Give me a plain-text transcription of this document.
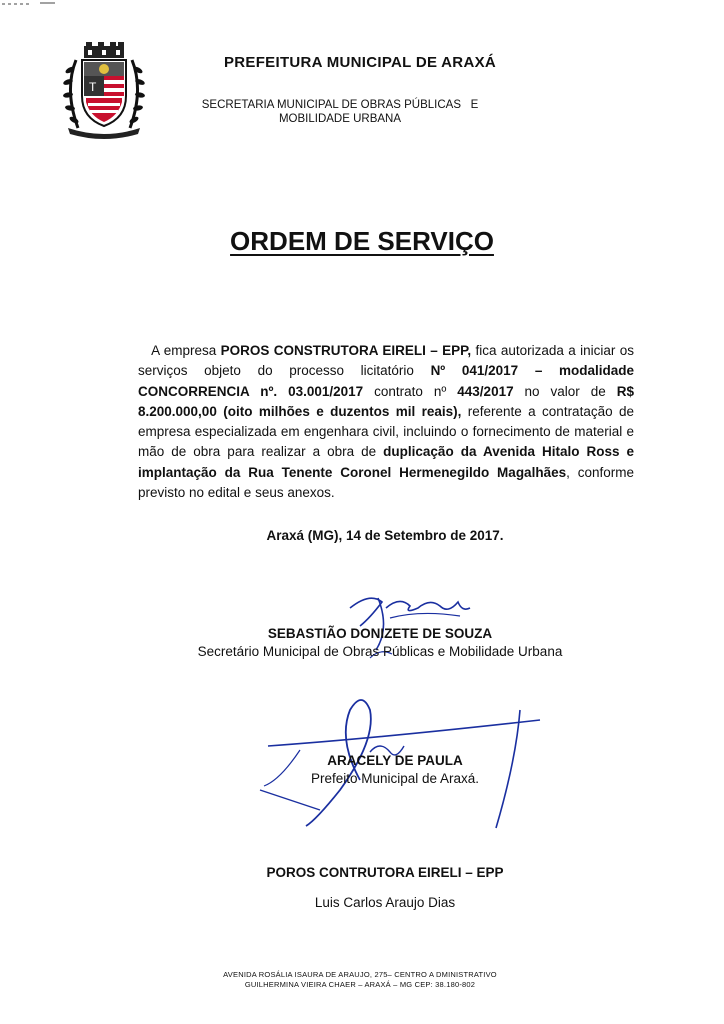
T
PREFEITURA MUNICIPAL DE ARAXÁ
SECRETARIA MUNICIPAL DE OBRAS PÚBLICAS   E
MOBILIDADE URBANA
ORDEM DE SERVIÇO
A empresa POROS CONSTRUTORA EIRELI – EPP, fica autorizada a iniciar os serviços objeto do processo licitatório Nº 041/2017 – modalidade CONCORRENCIA nº. 03.001/2017 contrato nº 443/2017 no valor de R$ 8.200.000,00 (oito milhões e duzentos mil reais), referente a contratação de empresa especializada em engenhara civil, incluindo o fornecimento de material e mão de obra para realizar a obra de duplicação da Avenida Hitalo Ross e implantação da Rua Tenente Coronel Hermenegildo Magalhães, conforme previsto no edital e seus anexos.
Araxá (MG), 14 de Setembro de 2017.
SEBASTIÃO DONIZETE DE SOUZA
Secretário Municipal de Obras Públicas e Mobilidade Urbana
ARACELY DE PAULA
Prefeito Municipal de Araxá.
POROS CONTRUTORA EIRELI – EPP
Luis Carlos Araujo Dias
AVENIDA ROSÁLIA ISAURA DE ARAUJO, 275– CENTRO A DMINISTRATIVO
GUILHERMINA VIEIRA CHAER – ARAXÁ – MG CEP: 38.180-802
